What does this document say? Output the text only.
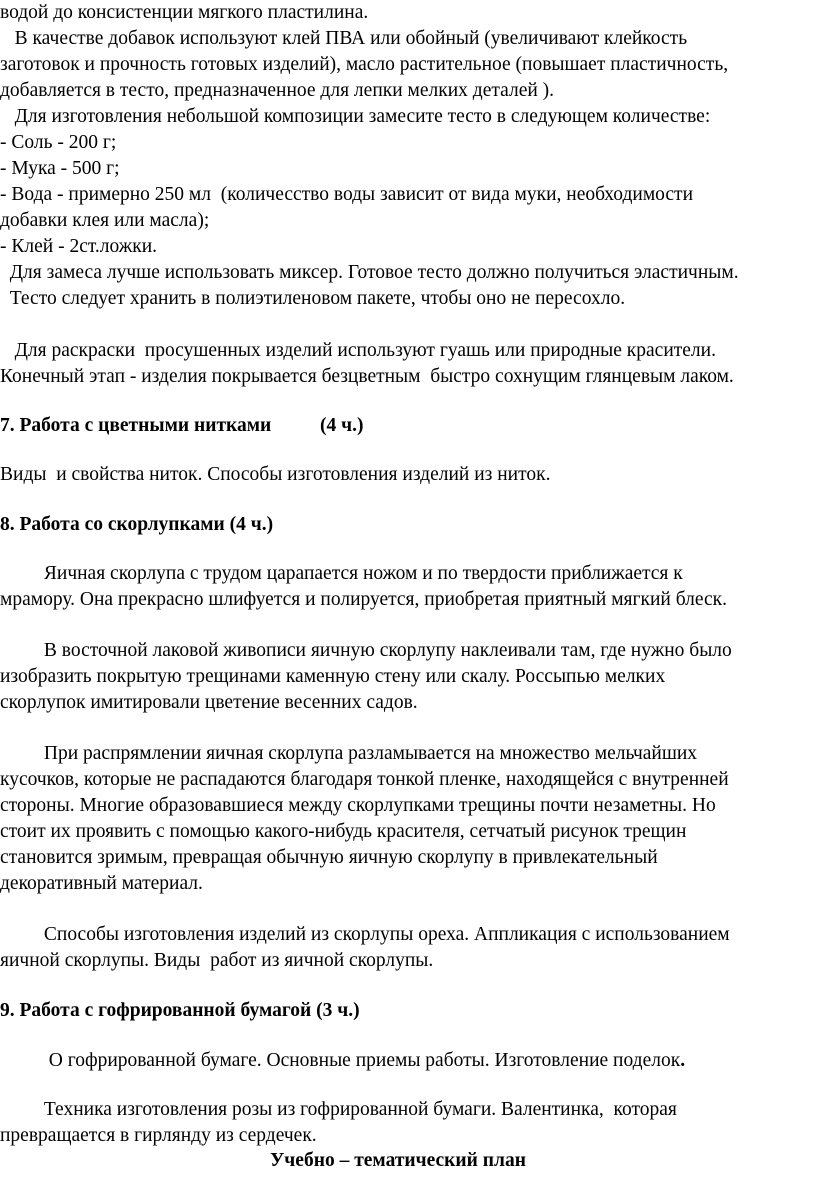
водой до консистенции мягкого пластилина.

В качестве добавок используют клей ПВА или обойный (увеличивают клейкость

заготовок и прочность готовых изделий), масло растительное (повышает пластичность,

добавляется в тесто, предназначенное для лепки мелких деталей ).

Для изготовления небольшой композиции замесите тесто в следующем количестве:

- Соль - 200 г;

- Мука - 500 г;

- Вода - примерно 250 мл  (количесство воды зависит от вида муки, необходимости

добавки клея или масла);

- Клей - 2ст.ложки.

Для замеса лучше использовать миксер. Готовое тесто должно получиться эластичным.

Тесто следует хранить в полиэтиленовом пакете, чтобы оно не пересохло.

Для раскраски  просушенных изделий используют гуашь или природные красители.

Конечный этап - изделия покрывается безцветным  быстро сохнущим глянцевым лаком.

7. Работа с цветными нитками          (4 ч.)

Виды  и свойства ниток. Способы изготовления изделий из ниток.

8. Работа со скорлупками (4 ч.)

Яичная скорлупа с трудом царапается ножом и по твердости приближается к

мрамору. Она прекрасно шлифуется и полируется, приобретая приятный мягкий блеск.

В восточной лаковой живописи яичную скорлупу наклеивали там, где нужно было

изобразить покрытую трещинами каменную стену или скалу. Россыпью мелких

скорлупок имитировали цветение весенних садов.

При распрямлении яичная скорлупа разламывается на множество мельчайших

кусочков, которые не распадаются благодаря тонкой пленке, находящейся с внутренней

стороны. Многие образовавшиеся между скорлупками трещины почти незаметны. Но

стоит их проявить с помощью какого-нибудь красителя, сетчатый рисунок трещин

становится зримым, превращая обычную яичную скорлупу в привлекательный

декоративный материал.

Способы изготовления изделий из скорлупы ореха. Аппликация с использованием

яичной скорлупы. Виды  работ из яичной скорлупы.

9. Работа с гофрированной бумагой (3 ч.)

О гофрированной бумаге. Основные приемы работы. Изготовление поделок.

Техника изготовления розы из гофрированной бумаги. Валентинка,  которая

превращается в гирлянду из сердечек.

Учебно – тематический план
